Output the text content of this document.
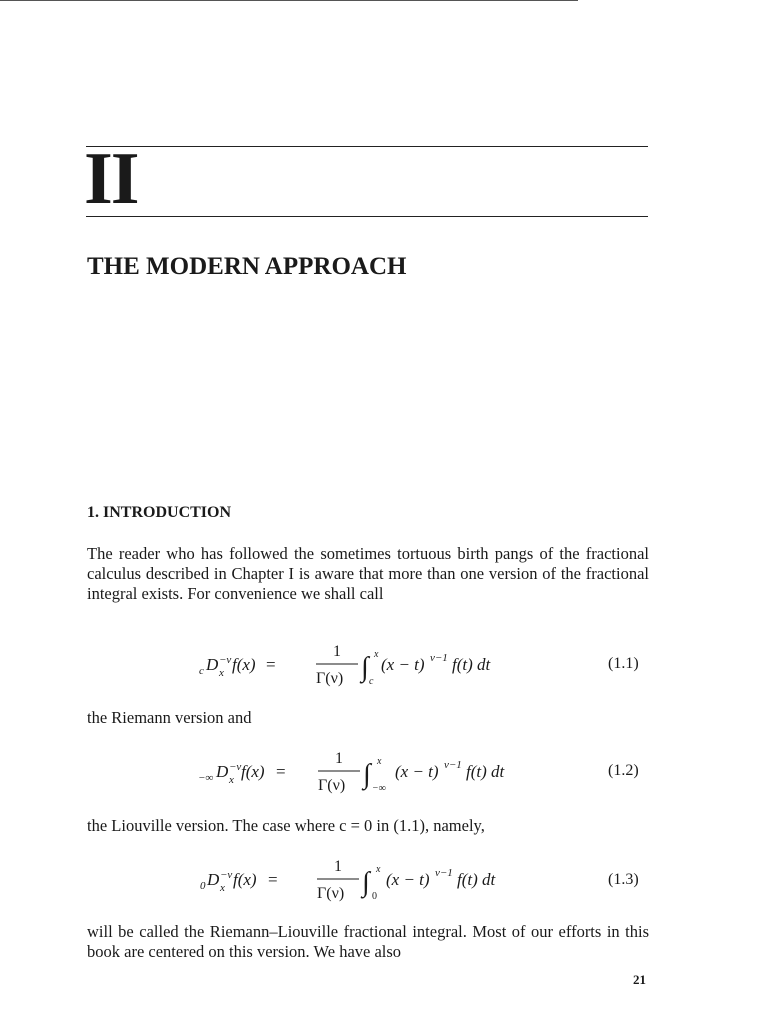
II
THE MODERN APPROACH
1. INTRODUCTION
The reader who has followed the sometimes tortuous birth pangs of the fractional calculus described in Chapter I is aware that more than one version of the fractional integral exists. For convenience we shall call
the Riemann version and
the Liouville version. The case where c = 0 in (1.1), namely,
will be called the Riemann–Liouville fractional integral. Most of our efforts in this book are centered on this version. We have also
c D −ν
x f(x) =
1
Γ(ν) ∫ x
c
(x − t) ν−1 f(t) dt
−∞ D −ν
x f(x) =
1
Γ(ν) ∫ x
−∞
(x − t) ν−1 f(t) dt
0 D −ν
x f(x) =
1
Γ(ν) ∫ x
0
(x − t) ν−1 f(t) dt
(1.1)
(1.2)
(1.3)
21
